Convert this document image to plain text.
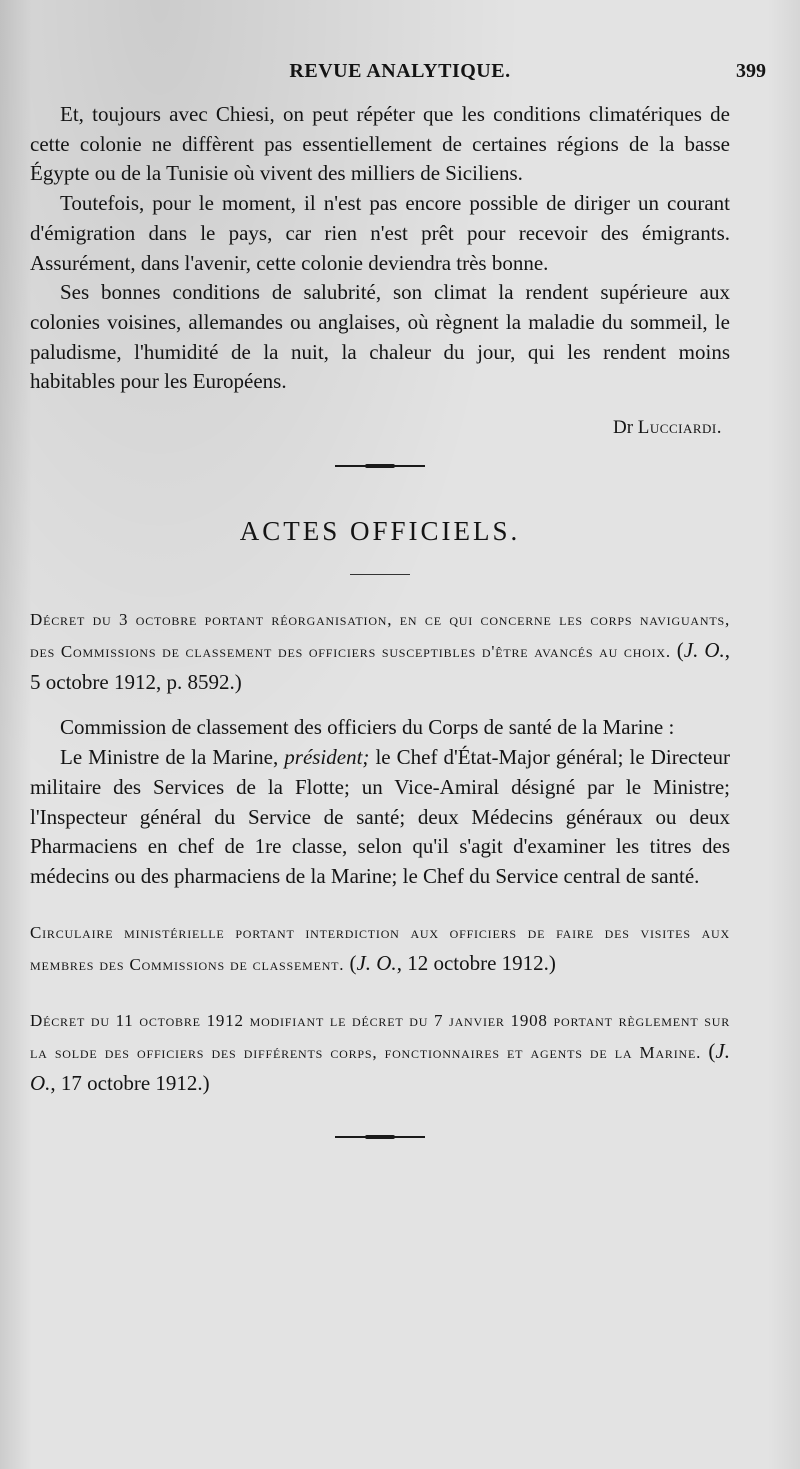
REVUE ANALYTIQUE.	399

Et, toujours avec Chiesi, on peut répéter que les conditions climatériques de cette colonie ne diffèrent pas essentiellement de certaines régions de la basse Égypte ou de la Tunisie où vivent des milliers de Siciliens.

Toutefois, pour le moment, il n'est pas encore possible de diriger un courant d'émigration dans le pays, car rien n'est prêt pour recevoir des émigrants. Assurément, dans l'avenir, cette colonie deviendra très bonne.

Ses bonnes conditions de salubrité, son climat la rendent supérieure aux colonies voisines, allemandes ou anglaises, où règnent la maladie du sommeil, le paludisme, l'humidité de la nuit, la chaleur du jour, qui les rendent moins habitables pour les Européens.

Dr Lucciardi.
ACTES OFFICIELS.

Décret du 3 octobre portant réorganisation, en ce qui concerne les corps naviguants, des Commissions de classement des officiers susceptibles d'être avancés au choix. (J. O., 5 octobre 1912, p. 8592.)

Commission de classement des officiers du Corps de santé de la Marine :

Le Ministre de la Marine, président; le Chef d'État-Major général; le Directeur militaire des Services de la Flotte; un Vice-Amiral désigné par le Ministre; l'Inspecteur général du Service de santé; deux Médecins généraux ou deux Pharmaciens en chef de 1re classe, selon qu'il s'agit d'examiner les titres des médecins ou des pharmaciens de la Marine; le Chef du Service central de santé.

Circulaire ministérielle portant interdiction aux officiers de faire des visites aux membres des Commissions de classement. (J. O., 12 octobre 1912.)

Décret du 11 octobre 1912 modifiant le décret du 7 janvier 1908 portant règlement sur la solde des officiers des différents corps, fonctionnaires et agents de la Marine. (J. O., 17 octobre 1912.)
